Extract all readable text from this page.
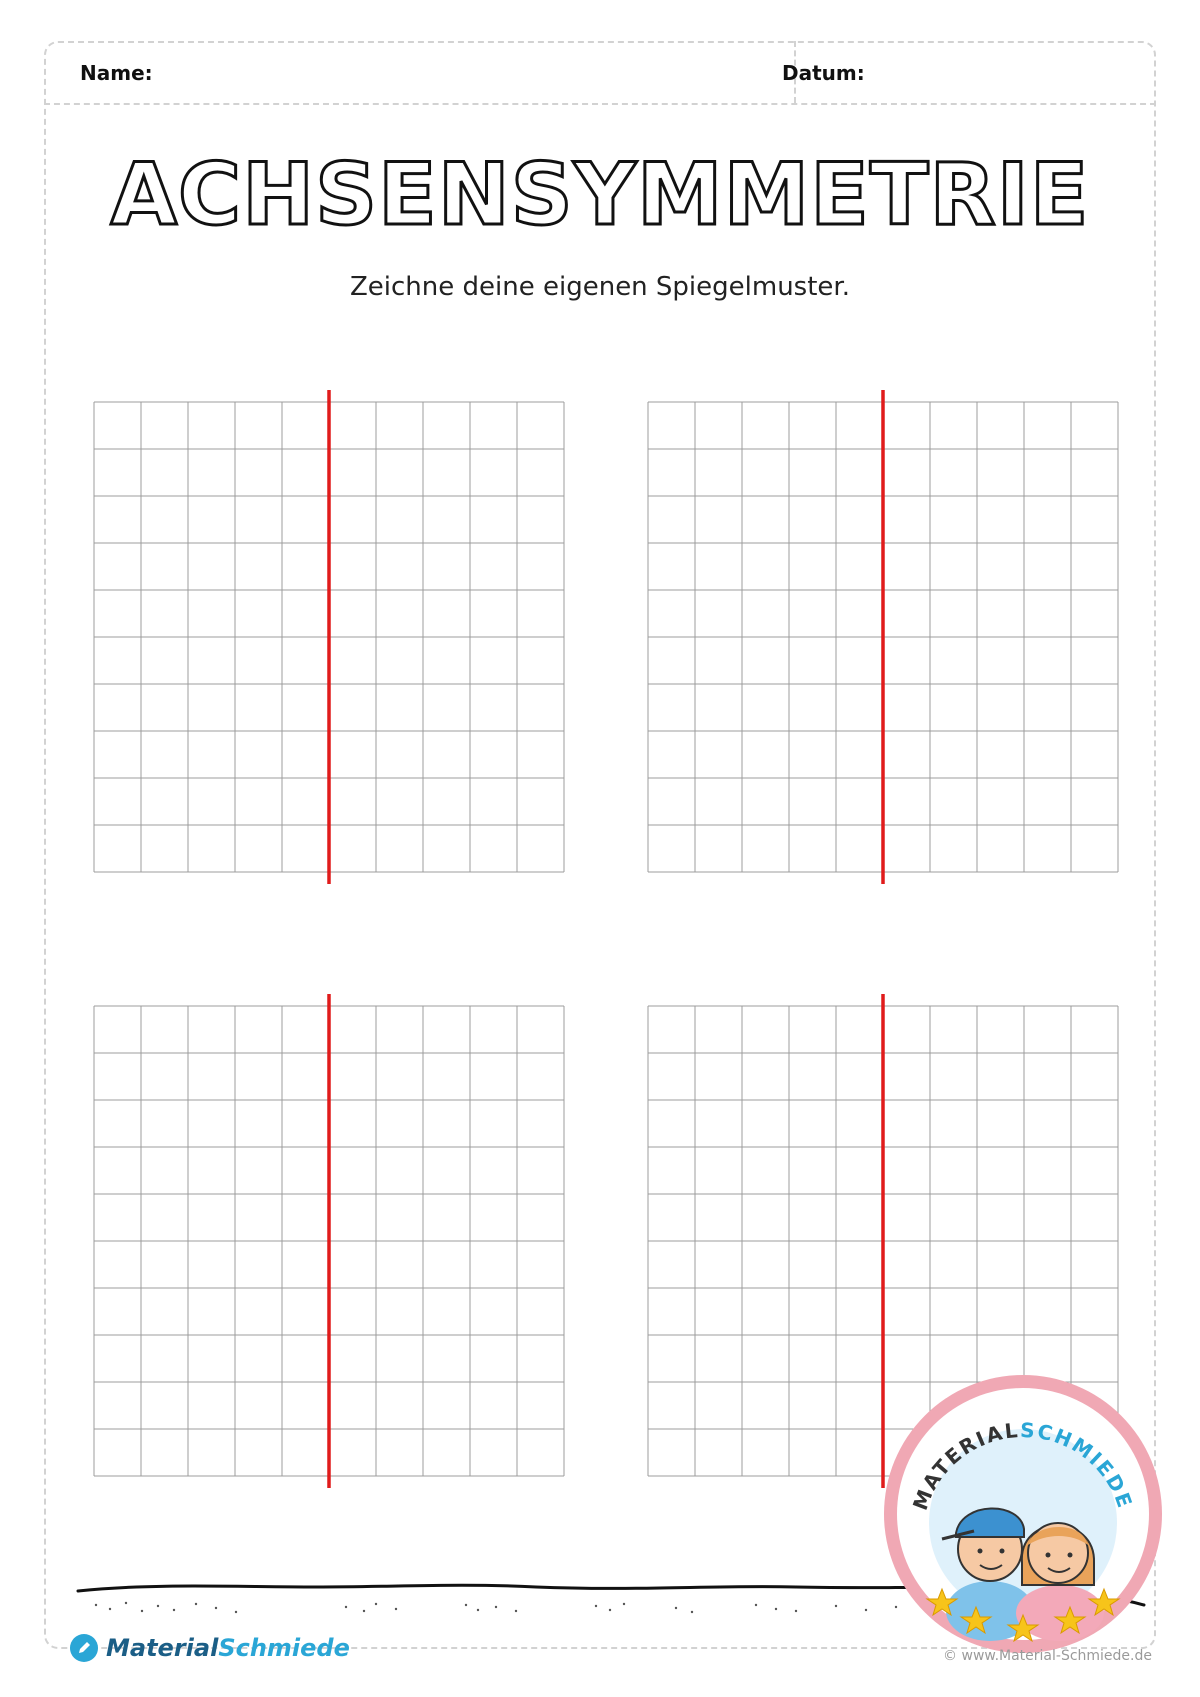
Name:	Datum:
ACHSENSYMMETRIE
Zeichne deine eigenen Spiegelmuster.
MATERIALSCHMIEDE
MaterialSchmiede	© www.Material-Schmiede.de
